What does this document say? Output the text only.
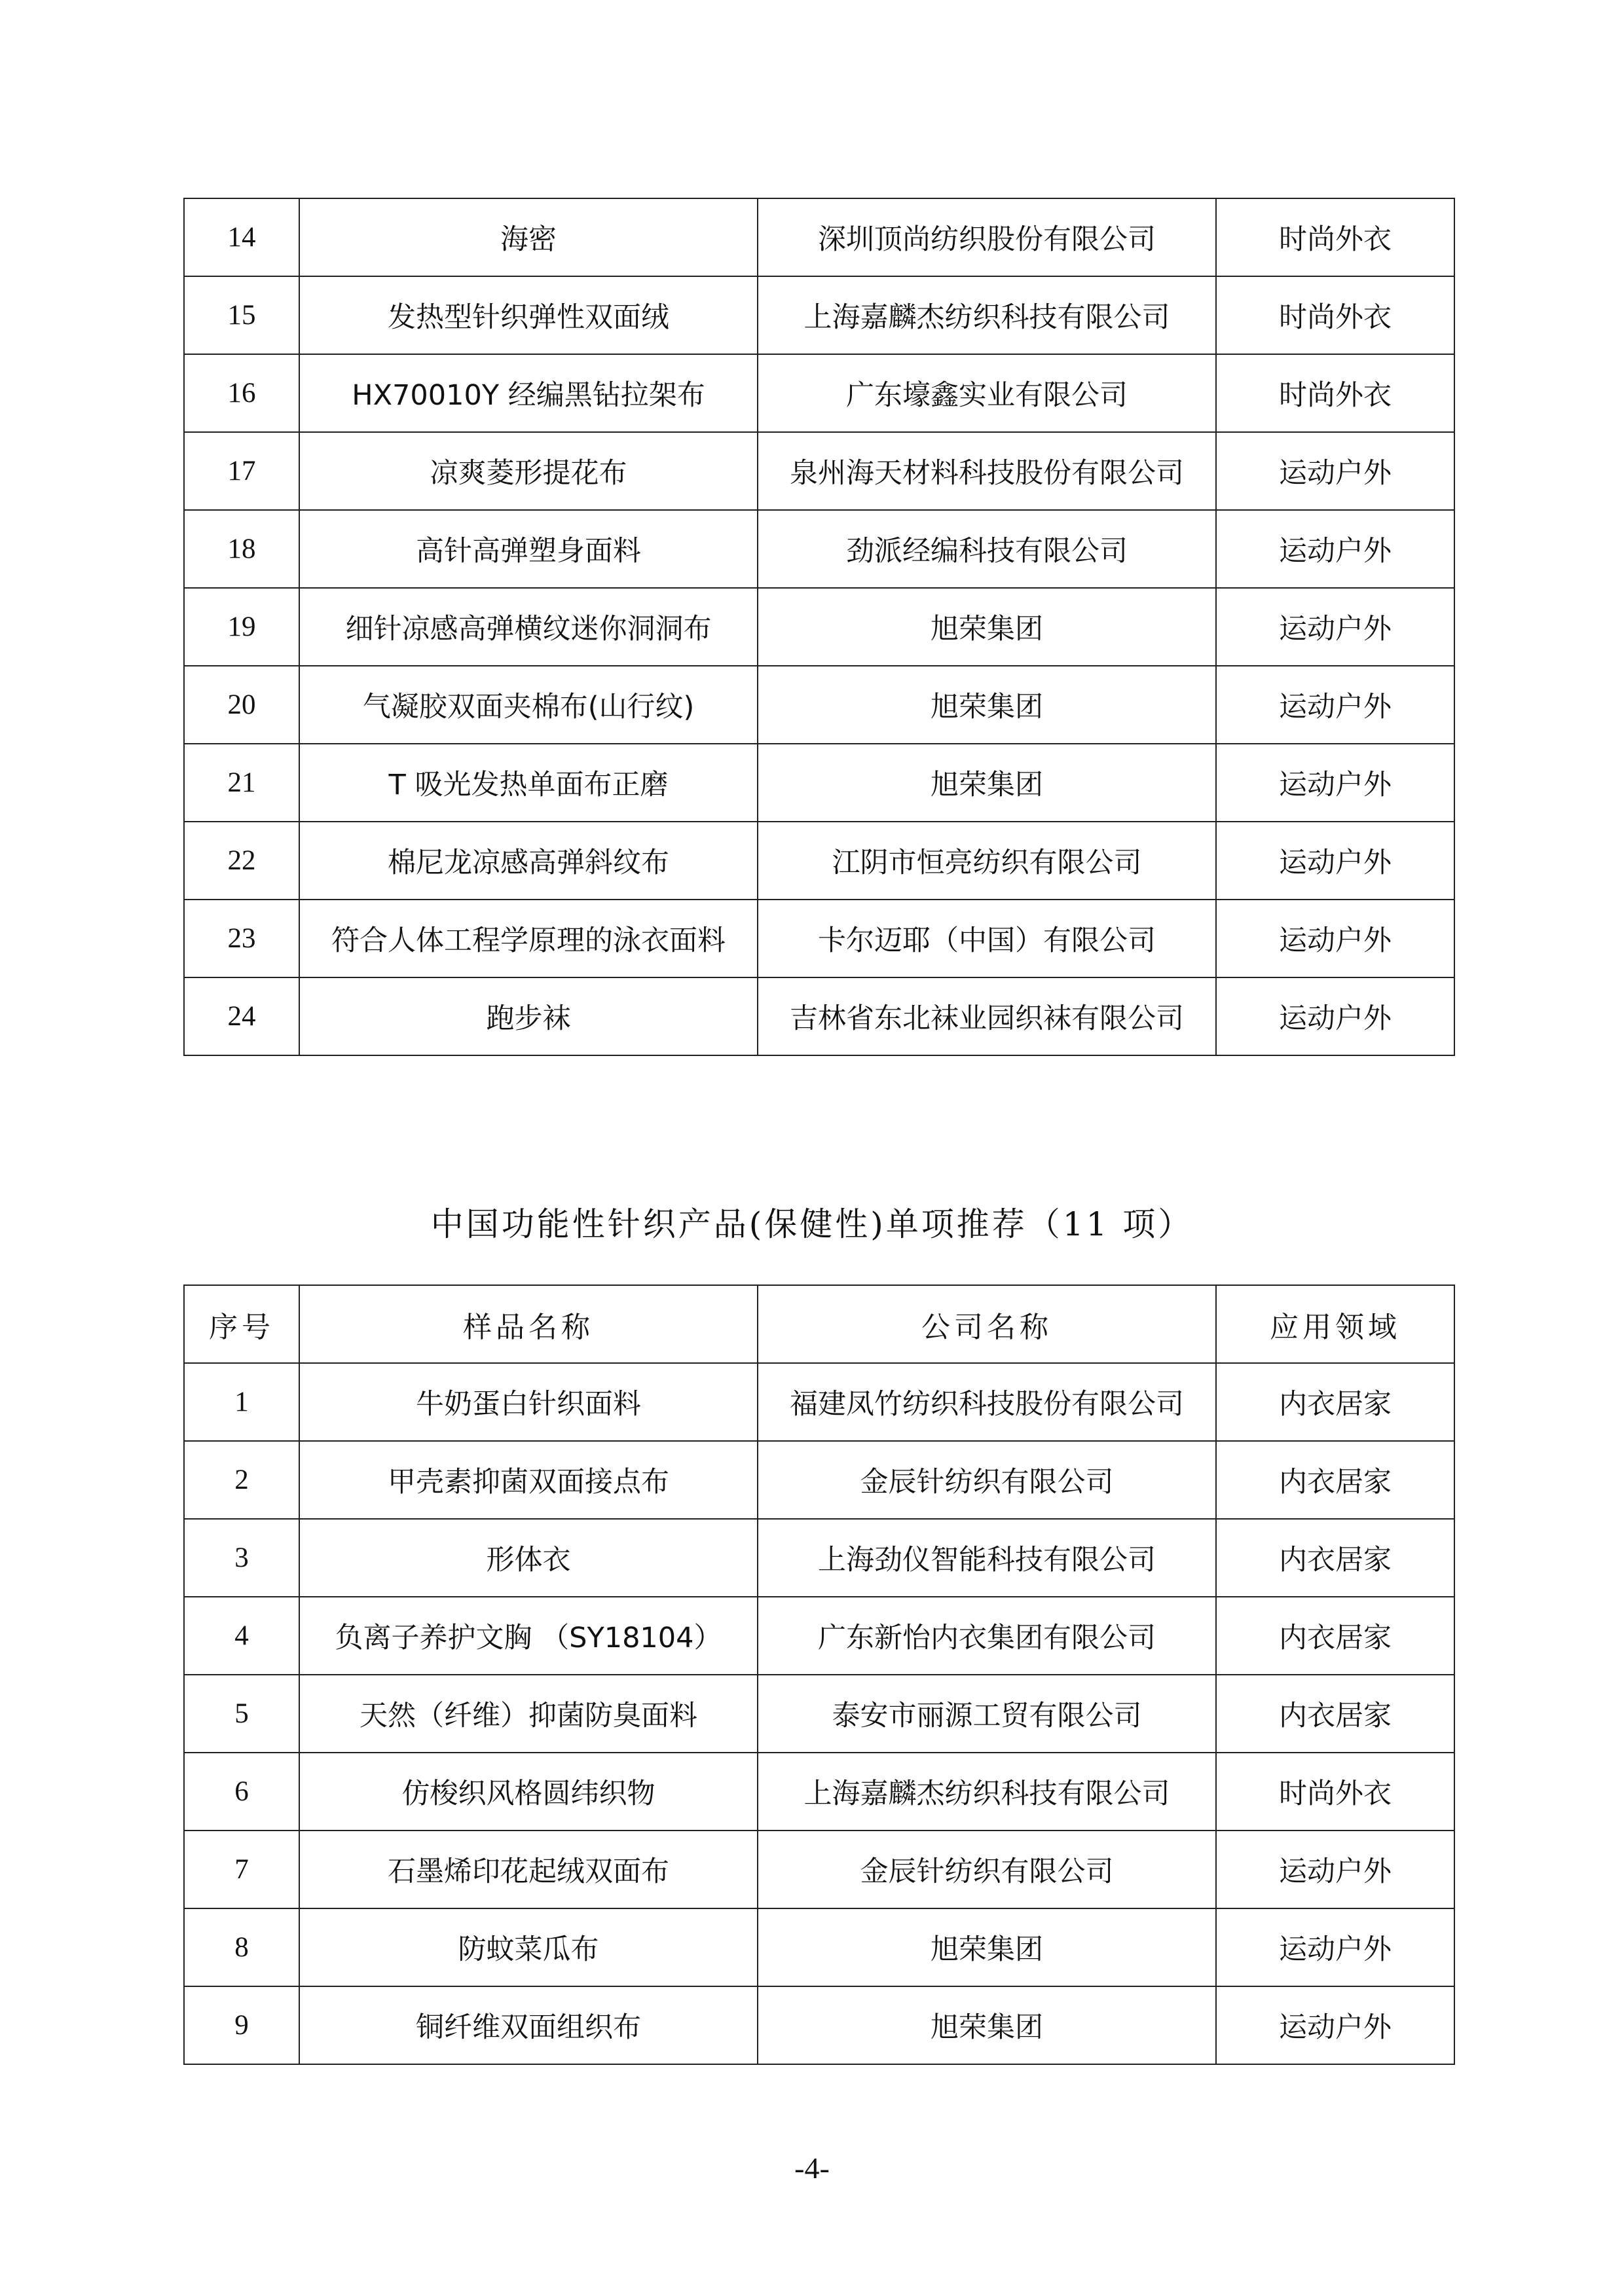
14	海密	深圳顶尚纺织股份有限公司	时尚外衣
15	发热型针织弹性双面绒	上海嘉麟杰纺织科技有限公司	时尚外衣
16	HX70010Y 经编黑钻拉架布	广东壕鑫实业有限公司	时尚外衣
17	凉爽菱形提花布	泉州海天材料科技股份有限公司	运动户外
18	高针高弹塑身面料	劲派经编科技有限公司	运动户外
19	细针凉感高弹横纹迷你洞洞布	旭荣集团	运动户外
20	气凝胶双面夹棉布(山行纹)	旭荣集团	运动户外
21	T 吸光发热单面布正磨	旭荣集团	运动户外
22	棉尼龙凉感高弹斜纹布	江阴市恒亮纺织有限公司	运动户外
23	符合人体工程学原理的泳衣面料	卡尔迈耶（中国）有限公司	运动户外
24	跑步袜	吉林省东北袜业园织袜有限公司	运动户外
中国功能性针织产品(保健性)单项推荐（11 项）
序号	样品名称	公司名称	应用领域
1	牛奶蛋白针织面料	福建凤竹纺织科技股份有限公司	内衣居家
2	甲壳素抑菌双面接点布	金辰针纺织有限公司	内衣居家
3	形体衣	上海劲仪智能科技有限公司	内衣居家
4	负离子养护文胸 （SY18104）	广东新怡内衣集团有限公司	内衣居家
5	天然（纤维）抑菌防臭面料	泰安市丽源工贸有限公司	内衣居家
6	仿梭织风格圆纬织物	上海嘉麟杰纺织科技有限公司	时尚外衣
7	石墨烯印花起绒双面布	金辰针纺织有限公司	运动户外
8	防蚊菜瓜布	旭荣集团	运动户外
9	铜纤维双面组织布	旭荣集团	运动户外
-4-
